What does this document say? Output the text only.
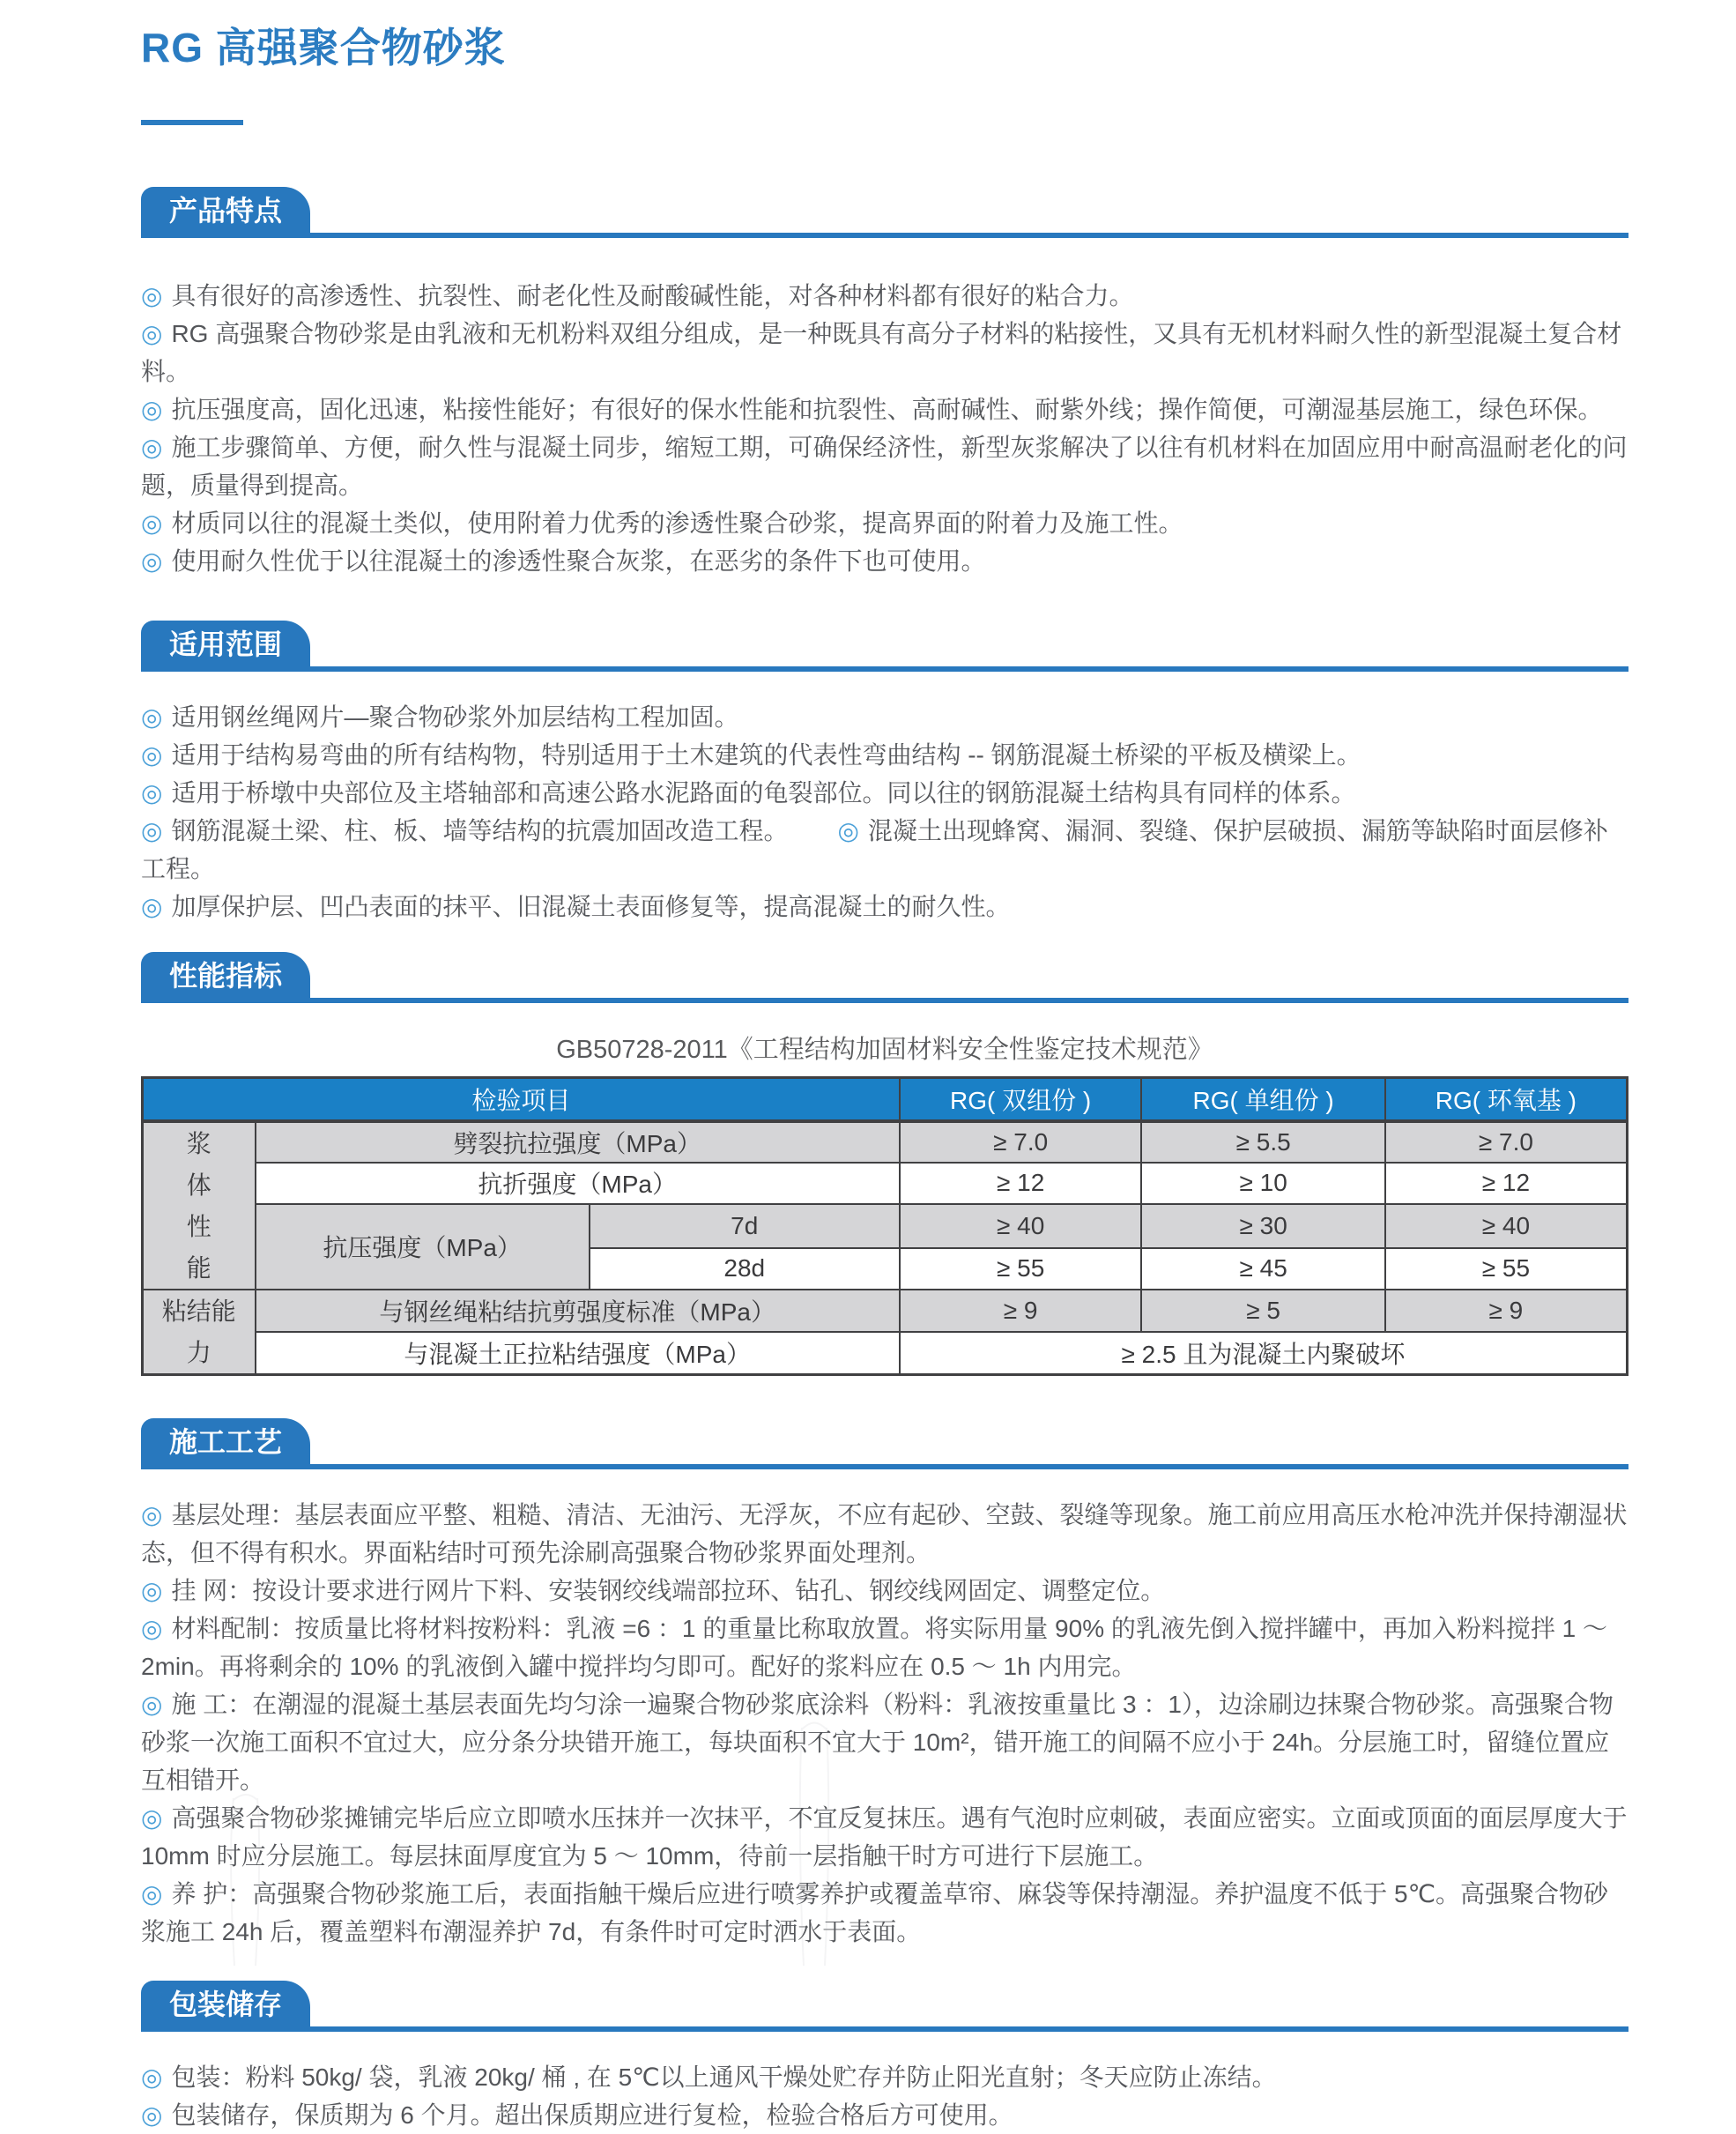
RG 高强聚合物砂浆
产品特点
◎ 具有很好的高渗透性、抗裂性、耐老化性及耐酸碱性能，对各种材料都有很好的粘合力。
◎ RG 高强聚合物砂浆是由乳液和无机粉料双组分组成，是一种既具有高分子材料的粘接性，又具有无机材料耐久性的新型混凝土复合材料。
◎ 抗压强度高，固化迅速，粘接性能好；有很好的保水性能和抗裂性、高耐碱性、耐紫外线；操作简便，可潮湿基层施工，绿色环保。
◎ 施工步骤简单、方便，耐久性与混凝土同步，缩短工期，可确保经济性，新型灰浆解决了以往有机材料在加固应用中耐高温耐老化的问题，质量得到提高。
◎ 材质同以往的混凝土类似，使用附着力优秀的渗透性聚合砂浆，提高界面的附着力及施工性。
◎ 使用耐久性优于以往混凝土的渗透性聚合灰浆，在恶劣的条件下也可使用。
适用范围
◎ 适用钢丝绳网片—聚合物砂浆外加层结构工程加固。
◎ 适用于结构易弯曲的所有结构物，特别适用于土木建筑的代表性弯曲结构 -- 钢筋混凝土桥梁的平板及横梁上。
◎ 适用于桥墩中央部位及主塔轴部和高速公路水泥路面的龟裂部位。同以往的钢筋混凝土结构具有同样的体系。
◎ 钢筋混凝土梁、柱、板、墙等结构的抗震加固改造工程。 ◎ 混凝土出现蜂窝、漏洞、裂缝、保护层破损、漏筋等缺陷时面层修补工程。
◎ 加厚保护层、凹凸表面的抹平、旧混凝土表面修复等，提高混凝土的耐久性。
性能指标
GB50728-2011《工程结构加固材料安全性鉴定技术规范》
检验项目			RG( 双组份 )	RG( 单组份 )	RG( 环氧基 )
浆体性能	劈裂抗拉强度（MPa）		≥ 7.0	≥ 5.5	≥ 7.0
	抗折强度（MPa）		≥ 12	≥ 10	≥ 12
	抗压强度（MPa）	7d	≥ 40	≥ 30	≥ 40
		28d	≥ 55	≥ 45	≥ 55
粘结能力	与钢丝绳粘结抗剪强度标准（MPa）		≥ 9	≥ 5	≥ 9
	与混凝土正拉粘结强度（MPa）		≥ 2.5 且为混凝土内聚破坏		
施工工艺
◎ 基层处理：基层表面应平整、粗糙、清洁、无油污、无浮灰，不应有起砂、空鼓、裂缝等现象。施工前应用高压水枪冲洗并保持潮湿状态，但不得有积水。界面粘结时可预先涂刷高强聚合物砂浆界面处理剂。
◎ 挂 网：按设计要求进行网片下料、安装钢绞线端部拉环、钻孔、钢绞线网固定、调整定位。
◎ 材料配制：按质量比将材料按粉料：乳液 =6 ：1 的重量比称取放置。将实际用量 90% 的乳液先倒入搅拌罐中，再加入粉料搅拌 1 ～ 2min。再将剩余的 10% 的乳液倒入罐中搅拌均匀即可。配好的浆料应在 0.5 ～ 1h 内用完。
◎ 施 工：在潮湿的混凝土基层表面先均匀涂一遍聚合物砂浆底涂料（粉料：乳液按重量比 3 ：1），边涂刷边抹聚合物砂浆。高强聚合物砂浆一次施工面积不宜过大，应分条分块错开施工，每块面积不宜大于 10m²，错开施工的间隔不应小于 24h。分层施工时，留缝位置应互相错开。
◎ 高强聚合物砂浆摊铺完毕后应立即喷水压抹并一次抹平，不宜反复抹压。遇有气泡时应刺破，表面应密实。立面或顶面的面层厚度大于 10mm 时应分层施工。每层抹面厚度宜为 5 ～ 10mm，待前一层指触干时方可进行下层施工。
◎ 养 护：高强聚合物砂浆施工后，表面指触干燥后应进行喷雾养护或覆盖草帘、麻袋等保持潮湿。养护温度不低于 5℃。高强聚合物砂浆施工 24h 后，覆盖塑料布潮湿养护 7d，有条件时可定时洒水于表面。
包装储存
◎ 包装：粉料 50kg/ 袋，乳液 20kg/ 桶 , 在 5℃以上通风干燥处贮存并防止阳光直射；冬天应防止冻结。
◎ 包装储存，保质期为 6 个月。超出保质期应进行复检，检验合格后方可使用。
